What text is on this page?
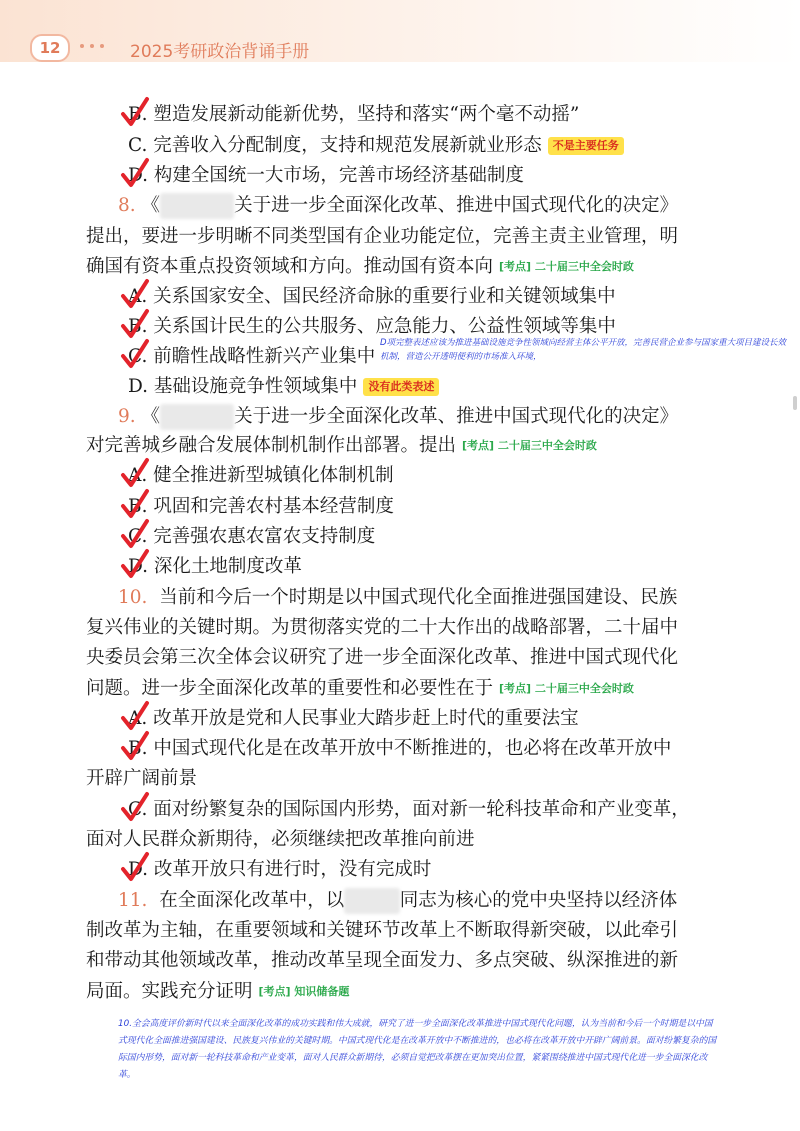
12	2025考研政治背诵手册
B. 塑造发展新动能新优势，坚持和落实“两个毫不动摇”
C. 完善收入分配制度，支持和规范发展新就业形态 不是主要任务
D. 构建全国统一大市场，完善市场经济基础制度
8. 《	关于进一步全面深化改革、推进中国式现代化的决定》
提出，要进一步明晰不同类型国有企业功能定位，完善主责主业管理，明
确国有资本重点投资领域和方向。推动国有资本向 [考点] 二十届三中全会时政
A. 关系国家安全、国民经济命脉的重要行业和关键领域集中
B. 关系国计民生的公共服务、应急能力、公益性领域等集中
C. 前瞻性战略性新兴产业集中
D. 基础设施竞争性领域集中 没有此类表述
D项完整表述应该为推进基础设施竞争性领域向经营主体公平开放，完善民营企业参与国家重大项目建设长效机制，营造公开透明便利的市场准入环境，
9. 《	关于进一步全面深化改革、推进中国式现代化的决定》
对完善城乡融合发展体制机制作出部署。提出 [考点] 二十届三中全会时政
A. 健全推进新型城镇化体制机制
B. 巩固和完善农村基本经营制度
C. 完善强农惠农富农支持制度
D. 深化土地制度改革
10. 当前和今后一个时期是以中国式现代化全面推进强国建设、民族
复兴伟业的关键时期。为贯彻落实党的二十大作出的战略部署，二十届中
央委员会第三次全体会议研究了进一步全面深化改革、推进中国式现代化
问题。进一步全面深化改革的重要性和必要性在于 [考点] 二十届三中全会时政
A. 改革开放是党和人民事业大踏步赶上时代的重要法宝
B. 中国式现代化是在改革开放中不断推进的，也必将在改革开放中
开辟广阔前景
C. 面对纷繁复杂的国际国内形势，面对新一轮科技革命和产业变革，
面对人民群众新期待，必须继续把改革推向前进
D. 改革开放只有进行时，没有完成时
11. 在全面深化改革中，以	同志为核心的党中央坚持以经济体
制改革为主轴，在重要领域和关键环节改革上不断取得新突破，以此牵引
和带动其他领域改革，推动改革呈现全面发力、多点突破、纵深推进的新
局面。实践充分证明 [考点] 知识储备题
10.全会高度评价新时代以来全面深化改革的成功实践和伟大成就，研究了进一步全面深化改革推进中国式现代化问题，认为当前和今后一个时期是以中国式现代化全面推进强国建设、民族复兴伟业的关键时期。中国式现代化是在改革开放中不断推进的，也必将在改革开放中开辟广阔前景。面对纷繁复杂的国际国内形势，面对新一轮科技革命和产业变革，面对人民群众新期待，必须自觉把改革摆在更加突出位置，紧紧围绕推进中国式现代化进一步全面深化改革。
